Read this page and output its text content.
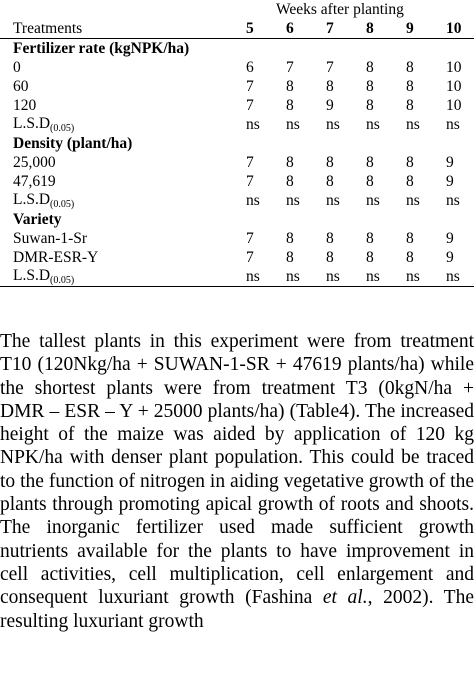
	Weeks after planting					
Treatments	5	6	7	8	9	10
Fertilizer rate (kgNPK/ha)						
0	6	7	7	8	8	10
60	7	8	8	8	8	10
120	7	8	9	8	8	10
$L.S.D_{(0.05)}$	ns	ns	ns	ns	ns	ns
Density (plant/ha)						
25,000	7	8	8	8	8	9
47,619	7	8	8	8	8	9
$L.S.D_{(0.05)}$	ns	ns	ns	ns	ns	ns
Variety						
Suwan-1-Sr	7	8	8	8	8	9
DMR-ESR-Y	7	8	8	8	8	9
$L.S.D_{(0.05)}$	ns	ns	ns	ns	ns	ns

The tallest plants in this experiment were from treatment T10 (120Nkg/ha + SUWAN-1-SR + 47619 plants/ha) while the shortest plants were from treatment T3 (0kgN/ha + DMR – ESR – Y + 25000 plants/ha) (Table4). The increased height of the maize was aided by application of 120 kg NPK/ha with denser plant population. This could be traced to the function of nitrogen in aiding vegetative growth of the plants through promoting apical growth of roots and shoots. The inorganic fertilizer used made sufficient growth nutrients available for the plants to have improvement in cell activities, cell multiplication, cell enlargement and consequent luxuriant growth (Fashina et al., 2002). The resulting luxuriant growth
